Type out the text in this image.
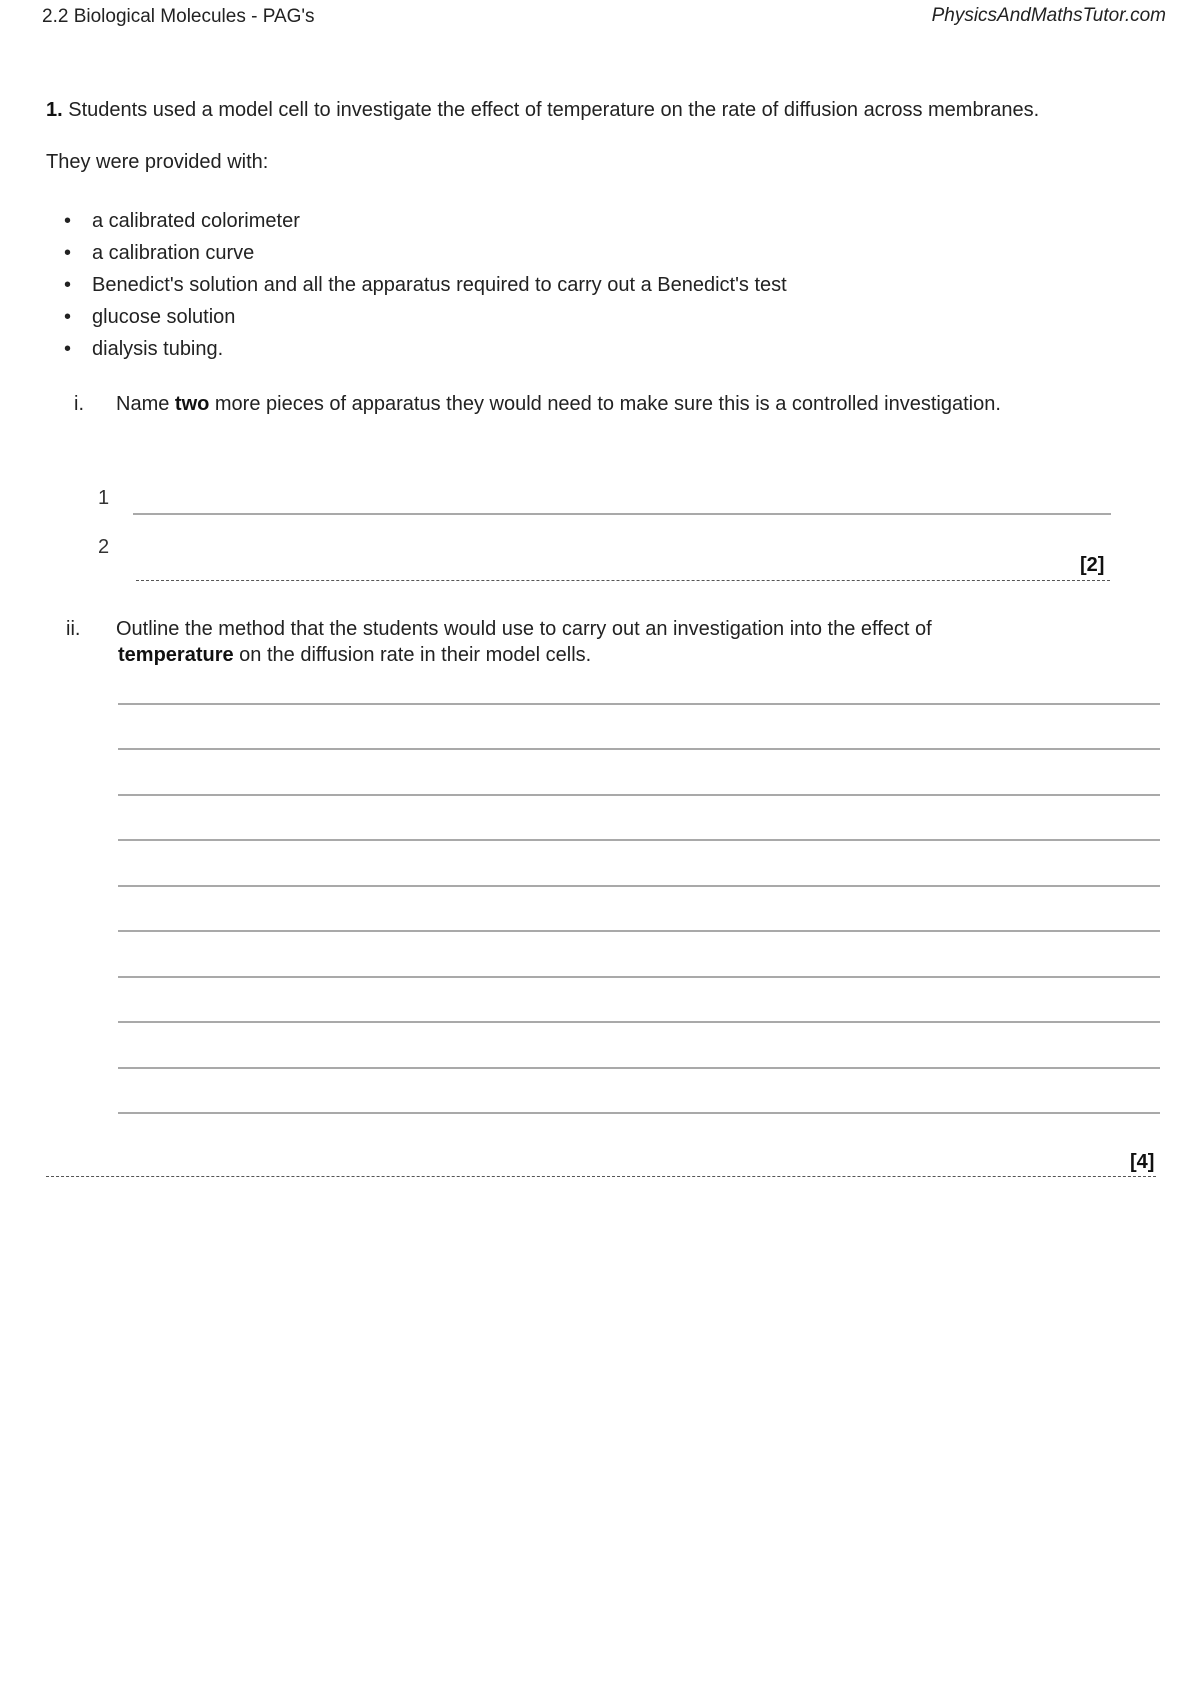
2.2 Biological Molecules - PAG's	PhysicsAndMathsTutor.com
1. Students used a model cell to investigate the effect of temperature on the rate of diffusion across membranes.
They were provided with:
• a calibrated colorimeter
• a calibration curve
• Benedict's solution and all the apparatus required to carry out a Benedict's test
• glucose solution
• dialysis tubing.
i. Name two more pieces of apparatus they would need to make sure this is a controlled investigation.
1
2
[2]
ii. Outline the method that the students would use to carry out an investigation into the effect of
temperature on the diffusion rate in their model cells.
[4]
